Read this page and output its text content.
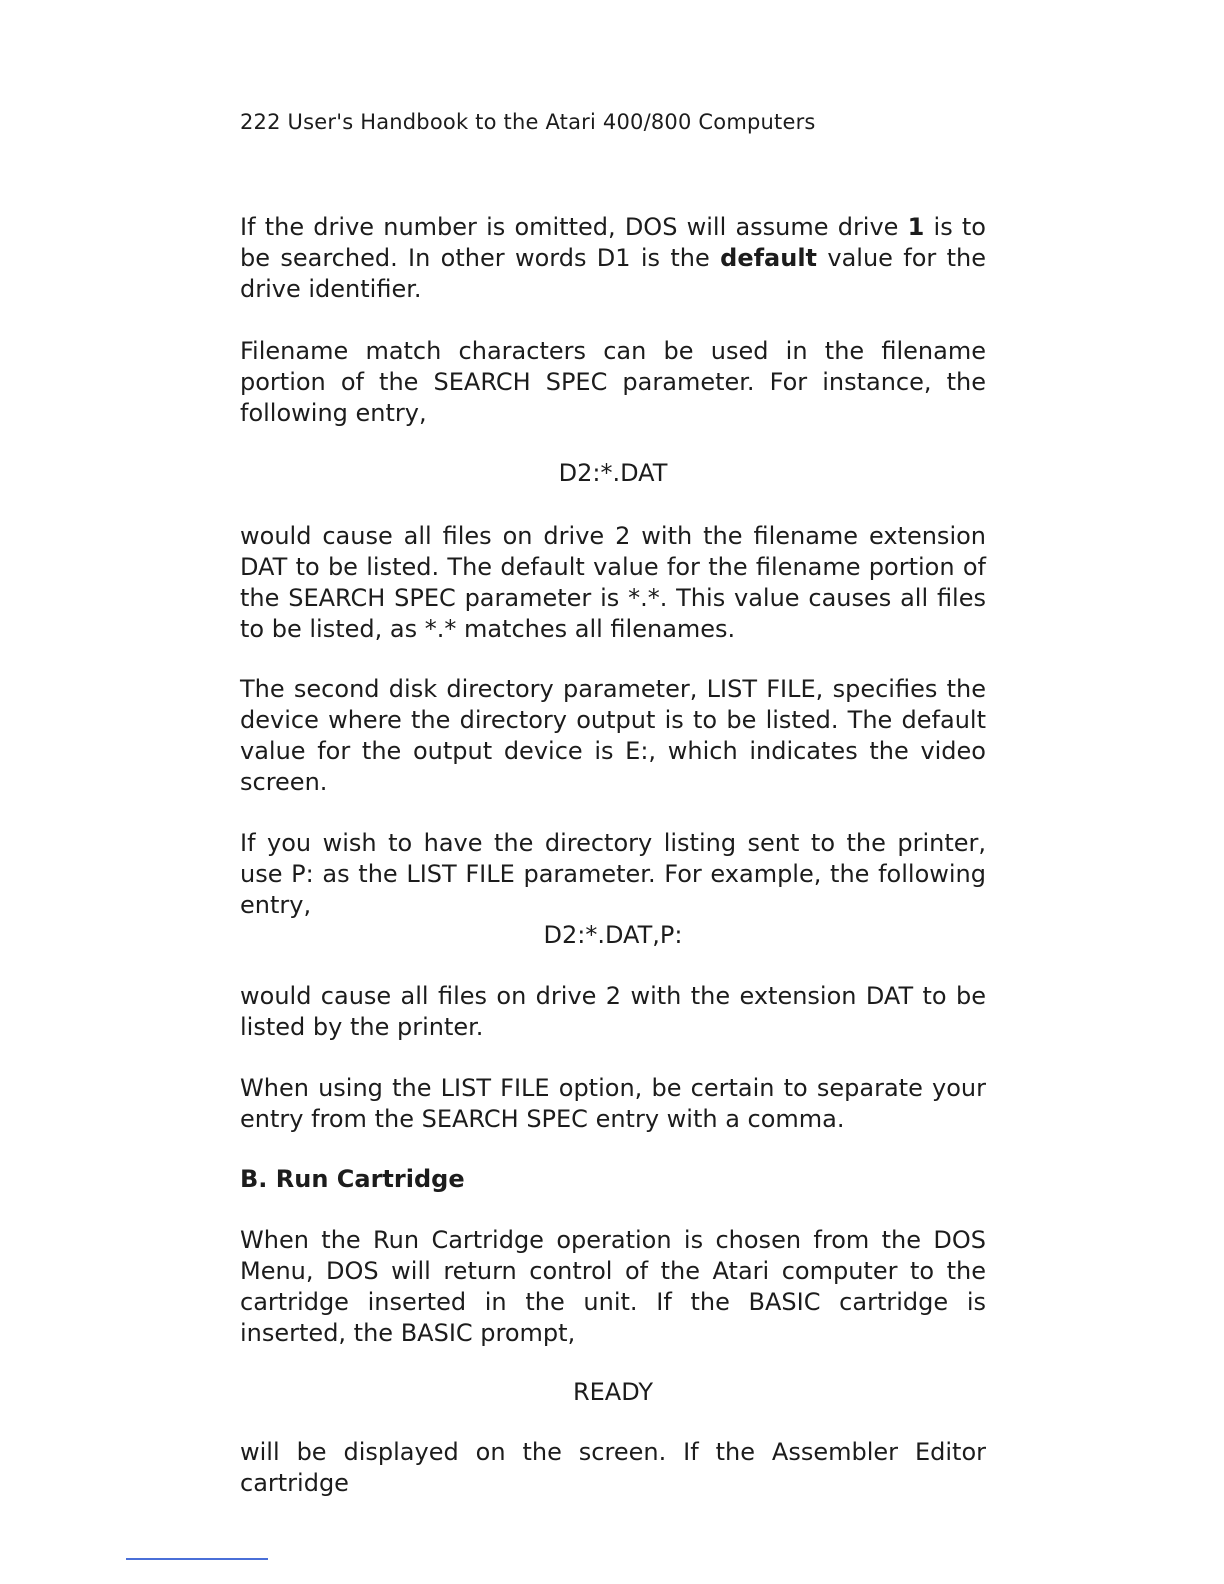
222 User's Handbook to the Atari 400/800 Computers
If the drive number is omitted, DOS will assume drive 1 is to be searched. In other words D1 is the default value for the drive identifier.
Filename match characters can be used in the filename portion of the SEARCH SPEC parameter. For instance, the following entry,
D2:*.DAT
would cause all files on drive 2 with the filename extension DAT to be listed. The default value for the filename portion of the SEARCH SPEC parameter is *.*. This value causes all files to be listed, as *.* matches all filenames.
The second disk directory parameter, LIST FILE, specifies the device where the directory output is to be listed. The default value for the output device is E:, which indicates the video screen.
If you wish to have the directory listing sent to the printer, use P: as the LIST FILE parameter. For example, the following entry,
D2:*.DAT,P:
would cause all files on drive 2 with the extension DAT to be listed by the printer.
When using the LIST FILE option, be certain to separate your entry from the SEARCH SPEC entry with a comma.
B. Run Cartridge
When the Run Cartridge operation is chosen from the DOS Menu, DOS will return control of the Atari computer to the cartridge inserted in the unit. If the BASIC cartridge is inserted, the BASIC prompt,
READY
will be displayed on the screen. If the Assembler Editor cartridge
